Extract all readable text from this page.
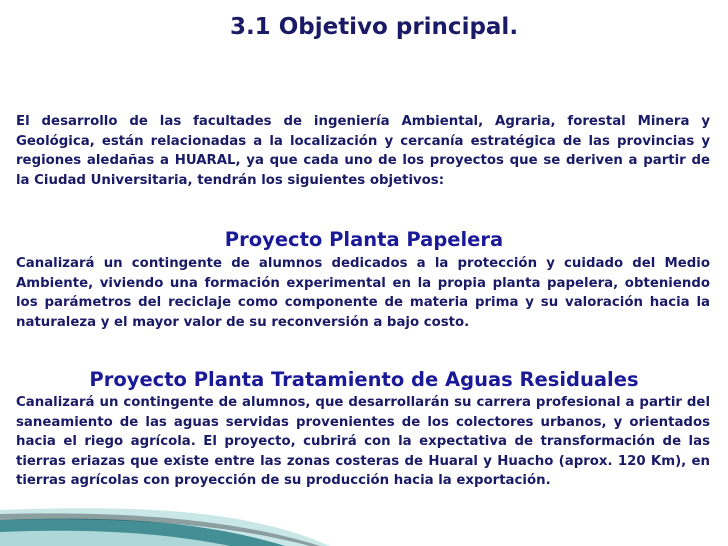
3.1 Objetivo principal.
El desarrollo de las facultades de ingeniería Ambiental, Agraria, forestal Minera y Geológica, están relacionadas a la localización y cercanía estratégica de las provincias y regiones aledañas a HUARAL, ya que cada uno de los proyectos que se deriven a partir de la Ciudad Universitaria, tendrán los siguientes objetivos:
Proyecto Planta Papelera
Canalizará un contingente de alumnos dedicados a la protección y cuidado del Medio Ambiente, viviendo una formación experimental en la propia planta papelera, obteniendo los parámetros del reciclaje como componente de materia prima y su valoración hacia la naturaleza y el mayor valor de su reconversión a bajo costo.
Proyecto Planta Tratamiento de Aguas Residuales
Canalizará un contingente de alumnos, que desarrollarán su carrera profesional a partir del saneamiento de las aguas servidas provenientes de los colectores urbanos, y orientados hacia el riego agrícola. El proyecto, cubrirá con la expectativa de transformación de las tierras eriazas que existe entre las zonas costeras de Huaral y Huacho (aprox. 120 Km), en tierras agrícolas con proyección de su producción hacia la exportación.
